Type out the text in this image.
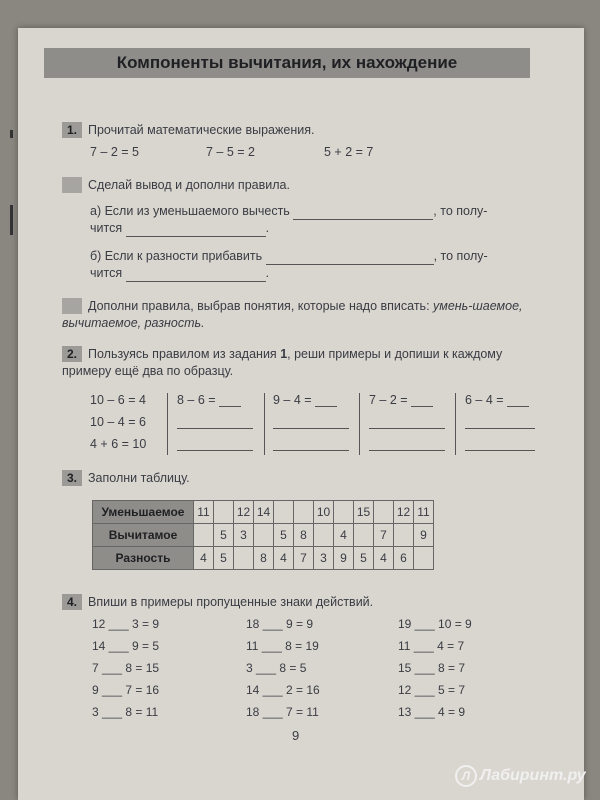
Компоненты вычитания, их нахождение
1. Прочитай математические выражения.
7 – 2 = 5	7 – 5 = 2	5 + 2 = 7
Сделай вывод и дополни правила.
а) Если из уменьшаемого вычесть	, то полу-
чится	.
б) Если к разности прибавить	, то полу-
чится	.
Дополни правила, выбрав понятия, которые надо вписать: умень-шаемое, вычитаемое, разность.
2. Пользуясь правилом из задания 1, реши примеры и допиши к каждому примеру ещё два по образцу.
10 – 6 = 4
10 – 4 = 6
4 + 6 = 10
8 – 6 =	9 – 4 =	7 – 2 =	6 – 4 =
3. Заполни таблицу.
Уменьшаемое	11		12	14			10		15		12	11
Вычитамое		5	3		5	8		4		7		9
Разность	4	5		8	4	7	3	9	5	4	6	
4. Впиши в примеры пропущенные знаки действий.
12 ___ 3 = 9
14 ___ 9 = 5
7 ___ 8 = 15
9 ___ 7 = 16
3 ___ 8 = 11
18 ___ 9 = 9
11 ___ 8 = 19
3 ___ 8 = 5
14 ___ 2 = 16
18 ___ 7 = 11
19 ___ 10 = 9
11 ___ 4 = 7
15 ___ 8 = 7
12 ___ 5 = 7
13 ___ 4 = 9
9
Л Лабиринт.ру
